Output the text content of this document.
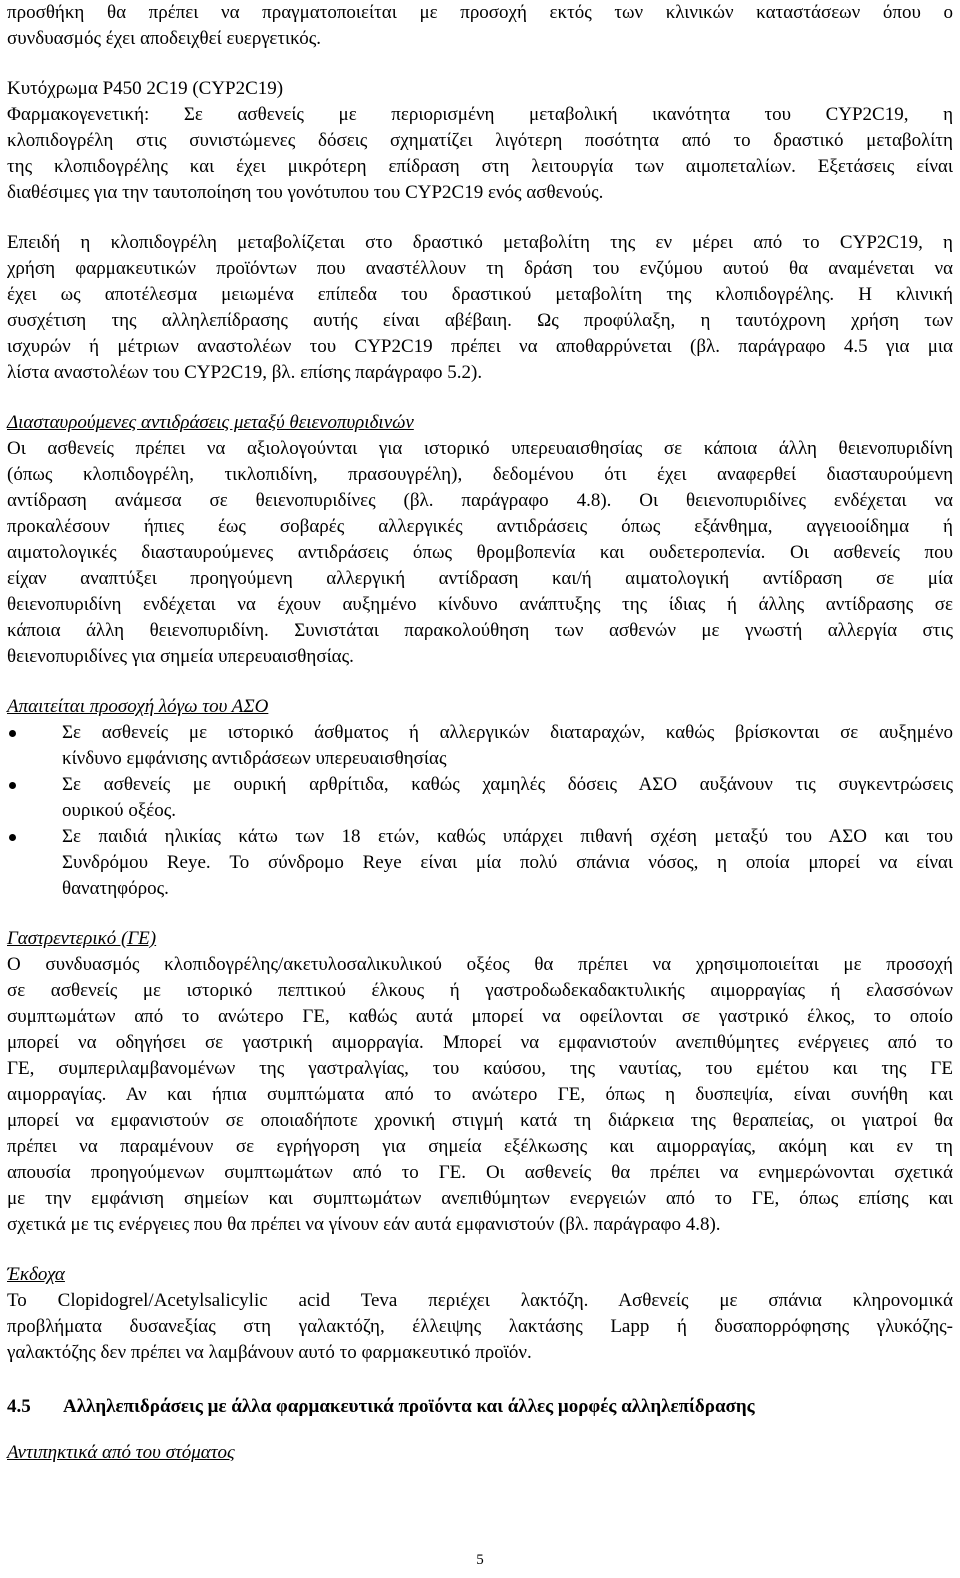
προσθήκη θα πρέπει να πραγματοποιείται με προσοχή εκτός των κλινικών καταστάσεων όπου ο
συνδυασμός έχει αποδειχθεί ευεργετικός.
Κυτόχρωμα P450 2C19 (CYP2C19)
Φαρμακογενετική: Σε ασθενείς με περιορισμένη μεταβολική ικανότητα του CYP2C19, η
κλοπιδογρέλη στις συνιστώμενες δόσεις σχηματίζει λιγότερη ποσότητα από το δραστικό μεταβολίτη
της κλοπιδογρέλης και έχει μικρότερη επίδραση στη λειτουργία των αιμοπεταλίων. Εξετάσεις είναι
διαθέσιμες για την ταυτοποίηση του γονότυπου του CYP2C19 ενός ασθενούς.
Επειδή η κλοπιδογρέλη μεταβολίζεται στο δραστικό μεταβολίτη της εν μέρει από το CYP2C19, η
χρήση φαρμακευτικών προϊόντων που αναστέλλουν τη δράση του ενζύμου αυτού θα αναμένεται να
έχει ως αποτέλεσμα μειωμένα επίπεδα του δραστικού μεταβολίτη της κλοπιδογρέλης. Η κλινική
συσχέτιση της αλληλεπίδρασης αυτής είναι αβέβαιη. Ως προφύλαξη, η ταυτόχρονη χρήση των
ισχυρών ή μέτριων αναστολέων του CYP2C19 πρέπει να αποθαρρύνεται (βλ. παράγραφο 4.5 για μια
λίστα αναστολέων του CYP2C19, βλ. επίσης παράγραφο 5.2).
Διασταυρούμενες αντιδράσεις μεταξύ θειενοπυριδινών
Οι ασθενείς πρέπει να αξιολογούνται για ιστορικό υπερευαισθησίας σε κάποια άλλη θειενοπυριδίνη
(όπως κλοπιδογρέλη, τικλοπιδίνη, πρασουγρέλη), δεδομένου ότι έχει αναφερθεί διασταυρούμενη
αντίδραση ανάμεσα σε θειενοπυριδίνες (βλ. παράγραφο 4.8). Οι θειενοπυριδίνες ενδέχεται να
προκαλέσουν ήπιες έως σοβαρές αλλεργικές αντιδράσεις όπως εξάνθημα, αγγειοοίδημα ή
αιματολογικές διασταυρούμενες αντιδράσεις όπως θρομβοπενία και ουδετεροπενία. Οι ασθενείς που
είχαν αναπτύξει προηγούμενη αλλεργική αντίδραση και/ή αιματολογική αντίδραση σε μία
θειενοπυριδίνη ενδέχεται να έχουν αυξημένο κίνδυνο ανάπτυξης της ίδιας ή άλλης αντίδρασης σε
κάποια άλλη θειενοπυριδίνη. Συνιστάται παρακολούθηση των ασθενών με γνωστή αλλεργία στις
θειενοπυριδίνες για σημεία υπερευαισθησίας.
Απαιτείται προσοχή λόγω του ΑΣΟ
Σε ασθενείς με ιστορικό άσθματος ή αλλεργικών διαταραχών, καθώς βρίσκονται σε αυξημένο
κίνδυνο εμφάνισης αντιδράσεων υπερευαισθησίας
Σε ασθενείς με ουρική αρθρίτιδα, καθώς χαμηλές δόσεις ΑΣΟ αυξάνουν τις συγκεντρώσεις
ουρικού οξέος.
Σε παιδιά ηλικίας κάτω των 18 ετών, καθώς υπάρχει πιθανή σχέση μεταξύ του ΑΣΟ και του
Συνδρόμου Reye. Το σύνδρομο Reye είναι μία πολύ σπάνια νόσος, η οποία μπορεί να είναι
θανατηφόρος.
Γαστρεντερικό (ΓΕ)
Ο συνδυασμός κλοπιδογρέλης/ακετυλοσαλικυλικού οξέος θα πρέπει να χρησιμοποιείται με προσοχή
σε ασθενείς με ιστορικό πεπτικού έλκους ή γαστροδωδεκαδακτυλικής αιμορραγίας ή ελασσόνων
συμπτωμάτων από το ανώτερο ΓΕ, καθώς αυτά μπορεί να οφείλονται σε γαστρικό έλκος, το οποίο
μπορεί να οδηγήσει σε γαστρική αιμορραγία. Μπορεί να εμφανιστούν ανεπιθύμητες ενέργειες από το
ΓΕ, συμπεριλαμβανομένων της γαστραλγίας, του καύσου, της ναυτίας, του εμέτου και της ΓΕ
αιμορραγίας. Αν και ήπια συμπτώματα από το ανώτερο ΓΕ, όπως η δυσπεψία, είναι συνήθη και
μπορεί να εμφανιστούν σε οποιαδήποτε χρονική στιγμή κατά τη διάρκεια της θεραπείας, οι γιατροί θα
πρέπει να παραμένουν σε εγρήγορση για σημεία εξέλκωσης και αιμορραγίας, ακόμη και εν τη
απουσία προηγούμενων συμπτωμάτων από το ΓΕ. Οι ασθενείς θα πρέπει να ενημερώνονται σχετικά
με την εμφάνιση σημείων και συμπτωμάτων ανεπιθύμητων ενεργειών από το ΓΕ, όπως επίσης και
σχετικά με τις ενέργειες που θα πρέπει να γίνουν εάν αυτά εμφανιστούν (βλ. παράγραφο 4.8).
Έκδοχα
Το Clopidogrel/Acetylsalicylic acid Teva περιέχει λακτόζη. Ασθενείς με σπάνια κληρονομικά
προβλήματα δυσανεξίας στη γαλακτόζη, έλλειψης λακτάσης Lapp ή δυσαπορρόφησης γλυκόζης-
γαλακτόζης δεν πρέπει να λαμβάνουν αυτό το φαρμακευτικό προϊόν.
4.5 Αλληλεπιδράσεις με άλλα φαρμακευτικά προϊόντα και άλλες μορφές αλληλεπίδρασης
Αντιπηκτικά από του στόματος
5
